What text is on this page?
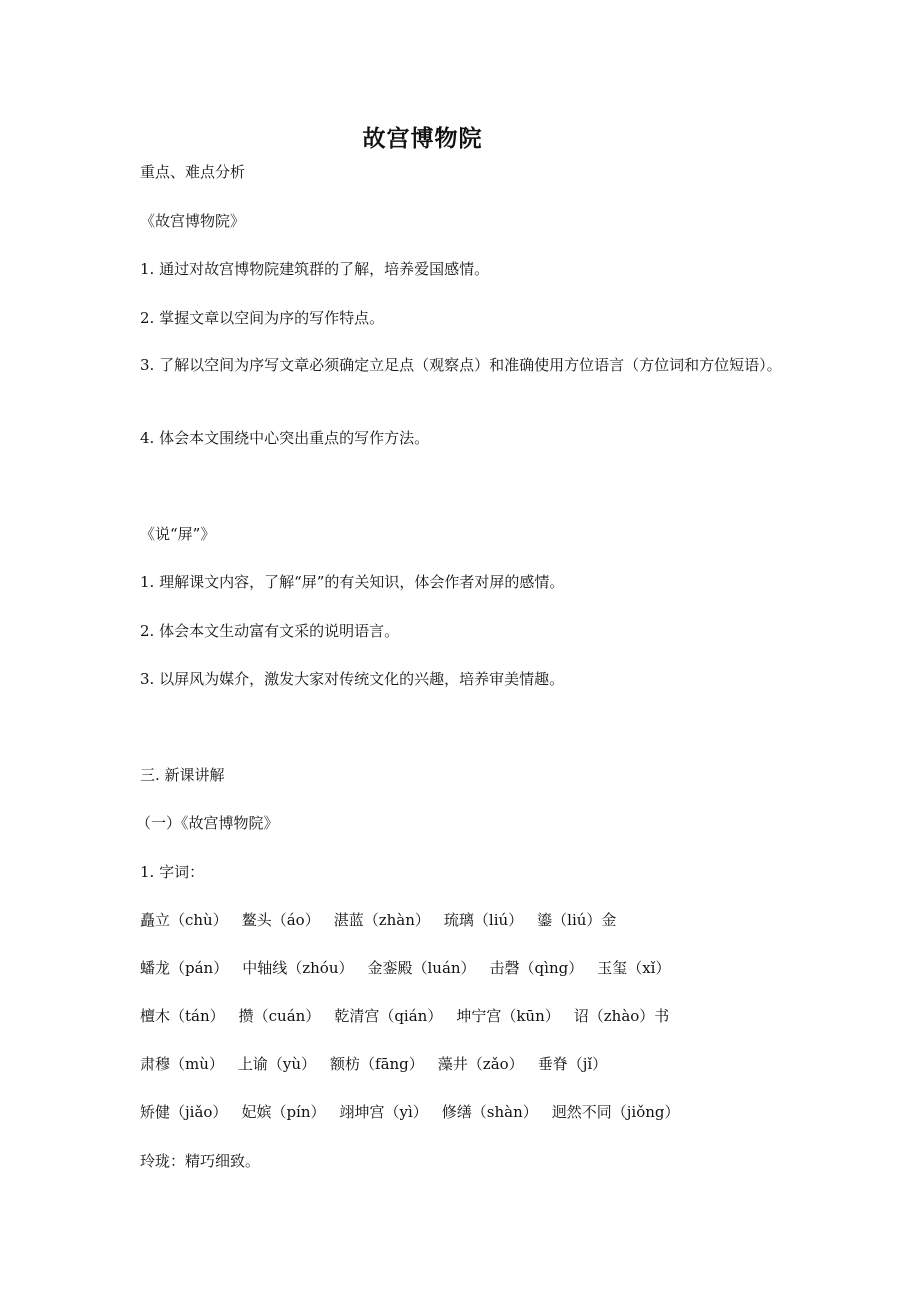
故宫博物院
重点、难点分析
《故宫博物院》
1. 通过对故宫博物院建筑群的了解，培养爱国感情。
2. 掌握文章以空间为序的写作特点。
3. 了解以空间为序写文章必须确定立足点（观察点）和准确使用方位语言（方位词和方位短语）。
4. 体会本文围绕中心突出重点的写作方法。
《说“屏”》
1. 理解课文内容，了解“屏”的有关知识，体会作者对屏的感情。
2. 体会本文生动富有文采的说明语言。
3. 以屏风为媒介，激发大家对传统文化的兴趣，培养审美情趣。
三. 新课讲解
（一）《故宫博物院》
1. 字词：
矗立（chù） 鳌头（áo） 湛蓝（zhàn） 琉璃（liú） 鎏（liú）金
蟠龙（pán） 中轴线（zhóu） 金銮殿（luán） 击磬（qìng） 玉玺（xǐ）
檀木（tán） 攒（cuán） 乾清宫（qián） 坤宁宫（kūn） 诏（zhào）书
肃穆（mù） 上谕（yù） 额枋（fāng） 藻井（zǎo） 垂脊（jǐ）
矫健（jiǎo） 妃嫔（pín） 翊坤宫（yì） 修缮（shàn） 迥然不同（jiǒng）
玲珑：精巧细致。
